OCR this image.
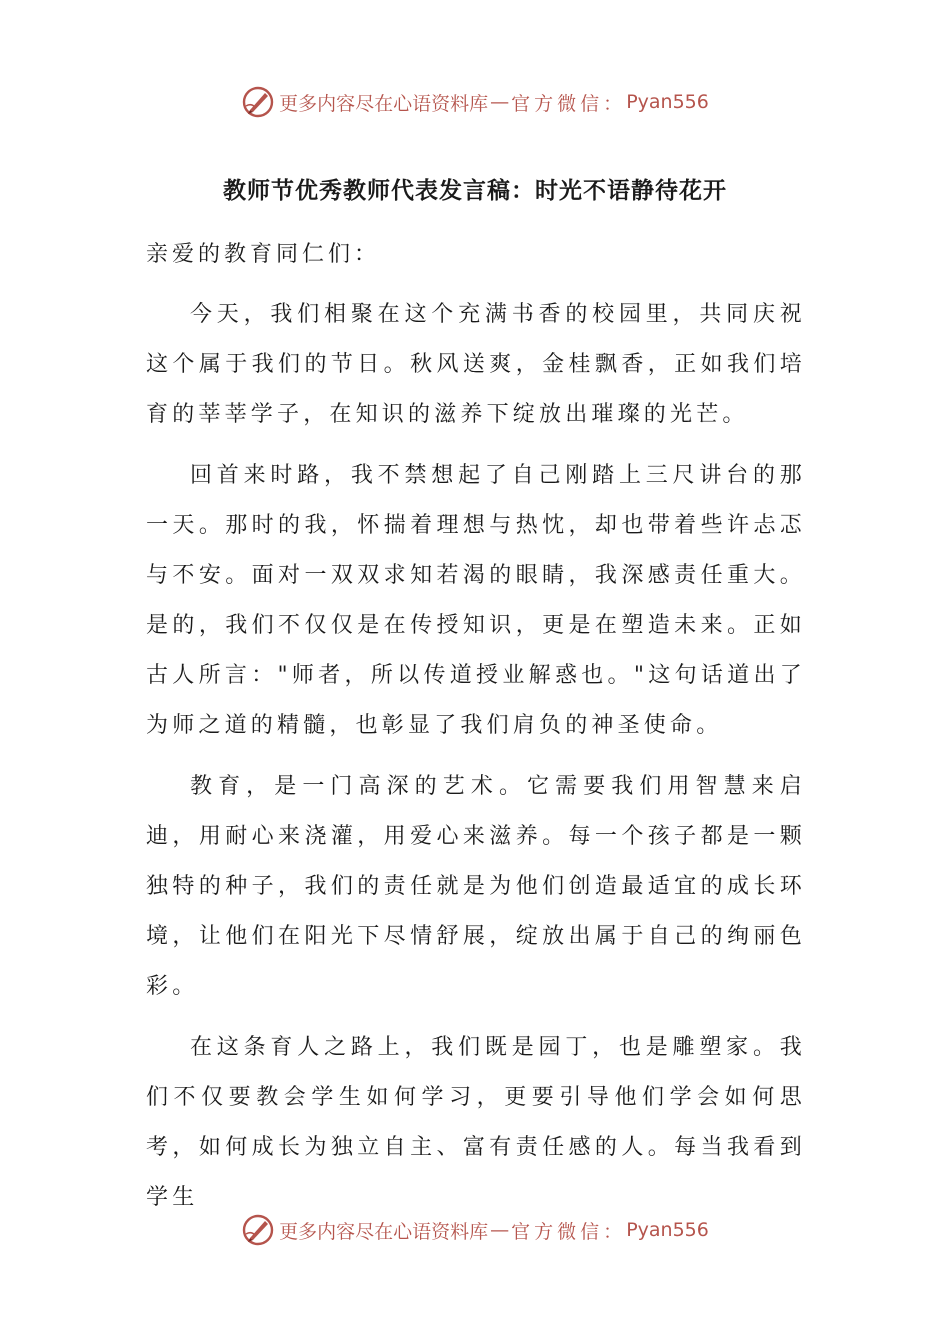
更多内容尽在心语资料库 — 官方微信： Pyan556
教师节优秀教师代表发言稿：时光不语静待花开

亲爱的教育同仁们：

今天，我们相聚在这个充满书香的校园里，共同庆祝这个属于我们的节日。秋风送爽，金桂飘香，正如我们培育的莘莘学子，在知识的滋养下绽放出璀璨的光芒。

回首来时路，我不禁想起了自己刚踏上三尺讲台的那一天。那时的我，怀揣着理想与热忱，却也带着些许忐忑与不安。面对一双双求知若渴的眼睛，我深感责任重大。是的，我们不仅仅是在传授知识，更是在塑造未来。正如古人所言："师者，所以传道授业解惑也。"这句话道出了为师之道的精髓，也彰显了我们肩负的神圣使命。

教育，是一门高深的艺术。它需要我们用智慧来启迪，用耐心来浇灌，用爱心来滋养。每一个孩子都是一颗独特的种子，我们的责任就是为他们创造最适宜的成长环境，让他们在阳光下尽情舒展，绽放出属于自己的绚丽色彩。

在这条育人之路上，我们既是园丁，也是雕塑家。我们不仅要教会学生如何学习，更要引导他们学会如何思考，如何成长为独立自主、富有责任感的人。每当我看到学生

更多内容尽在心语资料库 — 官方微信： Pyan556
